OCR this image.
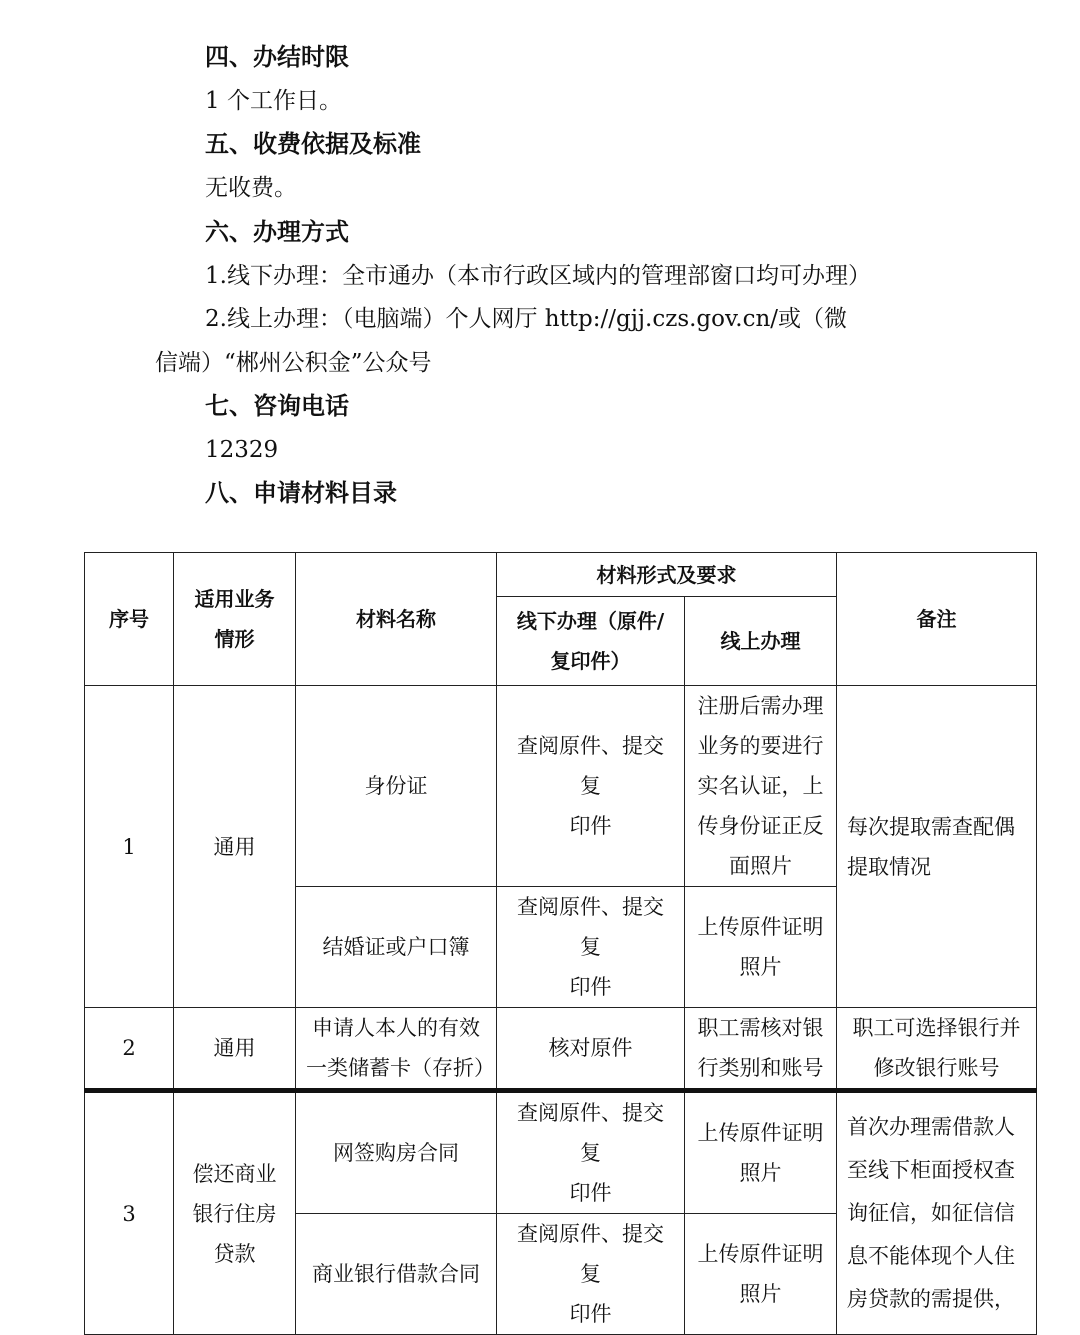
四、办结时限
1 个工作日。
五、收费依据及标准
无收费。
六、办理方式
1.线下办理：全市通办（本市行政区域内的管理部窗口均可办理）
2.线上办理：（电脑端）个人网厅 http://gjj.czs.gov.cn/或（微
信端）“郴州公积金”公众号
七、咨询电话
12329
八、申请材料目录
序号	适用业务
情形	材料名称	材料形式及要求		备注
			线下办理（原件/
复印件）	线上办理	
1	通用	身份证	查阅原件、提交复
印件	注册后需办理
业务的要进行
实名认证，上
传身份证正反
面照片	每次提取需查配偶
提取情况
		结婚证或户口簿	查阅原件、提交复
印件	上传原件证明
照片	
2	通用	申请人本人的有效
一类储蓄卡（存折）	核对原件	职工需核对银
行类别和账号	职工可选择银行并
修改银行账号
3	偿还商业
银行住房
贷款	网签购房合同	查阅原件、提交复
印件	上传原件证明
照片	首次办理需借款人
至线下柜面授权查
询征信，如征信信
息不能体现个人住
房贷款的需提供，
		商业银行借款合同	查阅原件、提交复
印件	上传原件证明
照片	
